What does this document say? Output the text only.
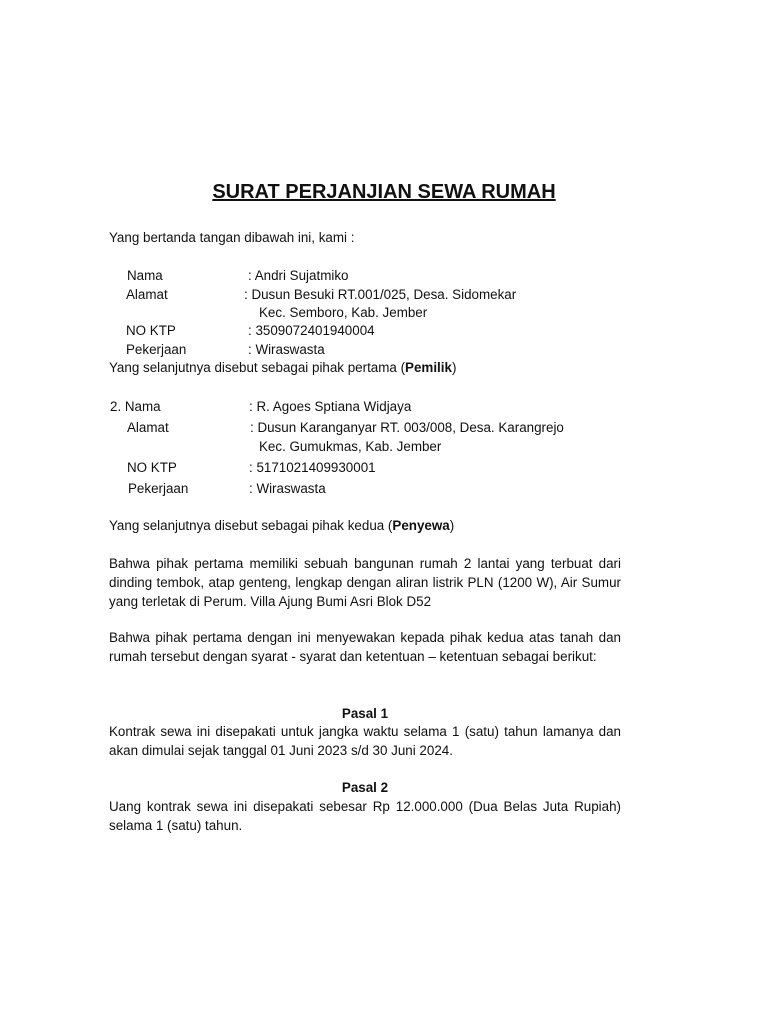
SURAT PERJANJIAN SEWA RUMAH
Yang bertanda tangan dibawah ini, kami :
Nama	: Andri Sujatmiko
Alamat	: Dusun Besuki RT.001/025, Desa. Sidomekar
Kec. Semboro, Kab. Jember
NO KTP	: 3509072401940004
Pekerjaan	: Wiraswasta
Yang selanjutnya disebut sebagai pihak pertama (Pemilik)
2. Nama	: R. Agoes Sptiana Widjaya
Alamat	: Dusun Karanganyar RT. 003/008, Desa. Karangrejo
Kec. Gumukmas, Kab. Jember
NO KTP	: 5171021409930001
Pekerjaan	: Wiraswasta
Yang selanjutnya disebut sebagai pihak kedua (Penyewa)
Bahwa pihak pertama memiliki sebuah bangunan rumah 2 lantai yang terbuat dari dinding tembok, atap genteng, lengkap dengan aliran listrik PLN (1200 W), Air Sumur yang terletak di Perum. Villa Ajung Bumi Asri Blok D52
Bahwa pihak pertama dengan ini menyewakan kepada pihak kedua atas tanah dan rumah tersebut dengan syarat - syarat dan ketentuan – ketentuan sebagai berikut:
Pasal 1
Kontrak sewa ini disepakati untuk jangka waktu selama 1 (satu) tahun lamanya dan akan dimulai sejak tanggal 01 Juni 2023 s/d 30 Juni 2024.
Pasal 2
Uang kontrak sewa ini disepakati sebesar Rp 12.000.000 (Dua Belas Juta Rupiah) selama 1 (satu) tahun.
